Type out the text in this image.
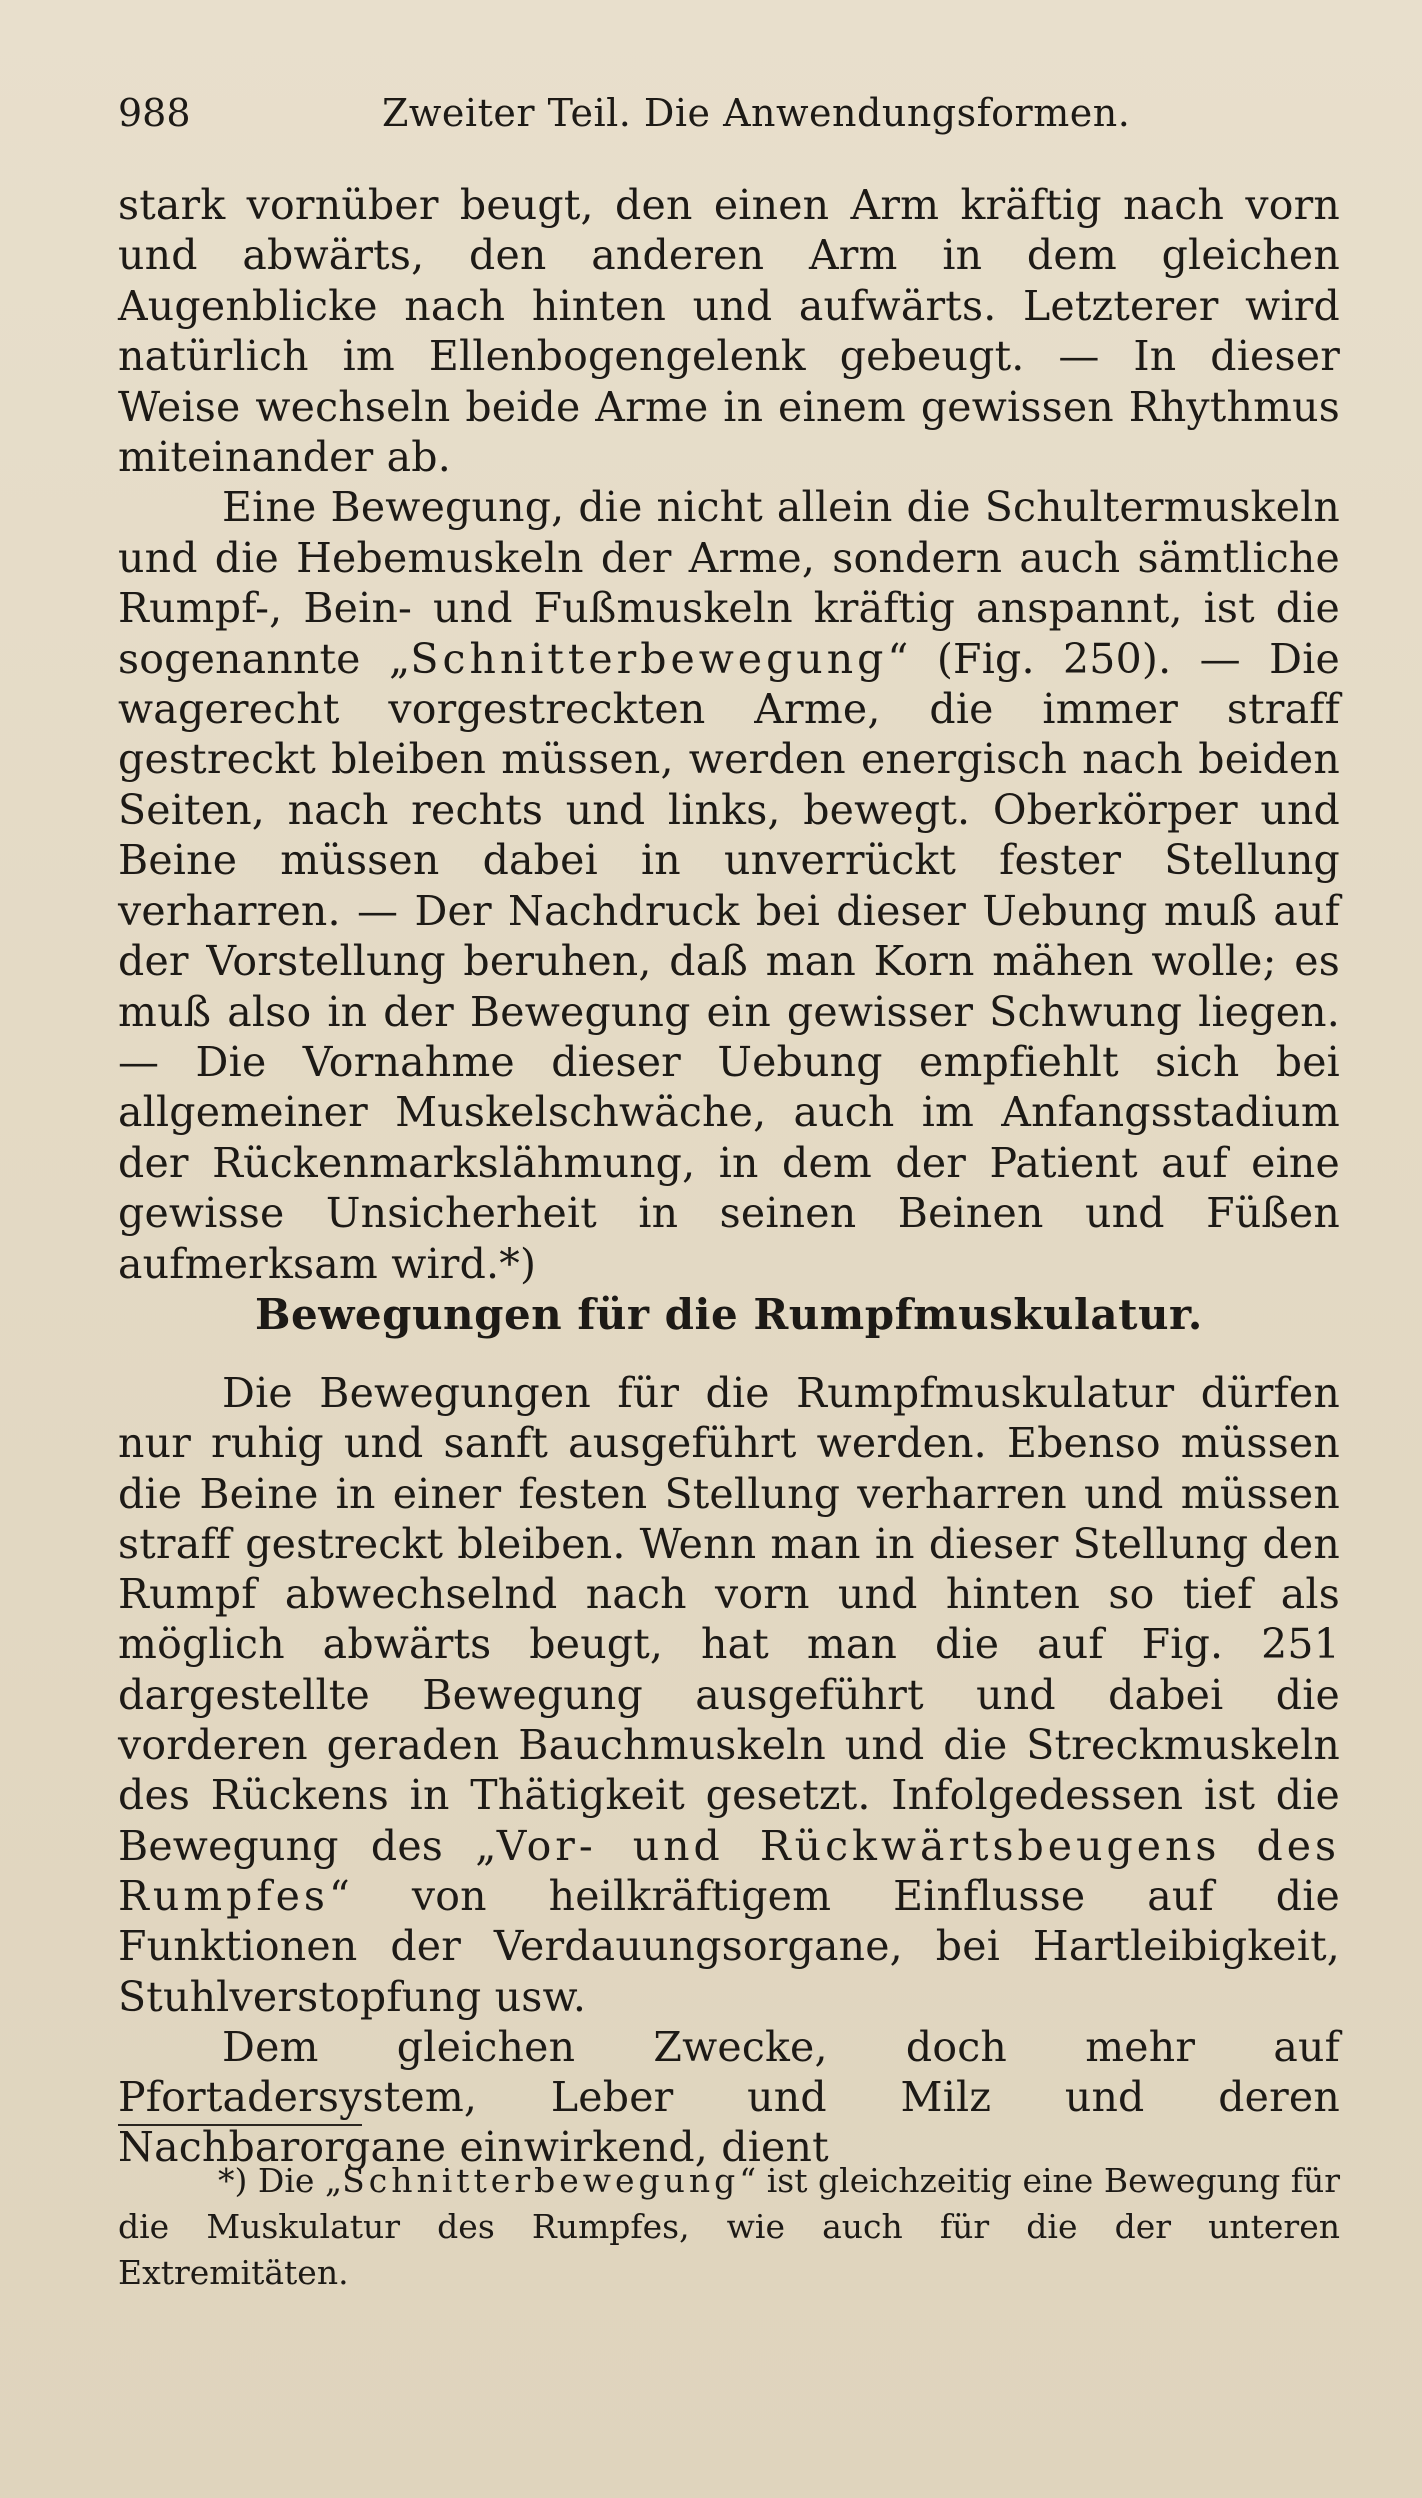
988	Zweiter Teil. Die Anwendungsformen.

stark vornüber beugt, den einen Arm kräftig nach vorn und abwärts, den anderen Arm in dem gleichen Augenblicke nach hinten und aufwärts. Letzterer wird natürlich im Ellenbogengelenk gebeugt. — In dieser Weise wechseln beide Arme in einem gewissen Rhythmus miteinander ab.

Eine Bewegung, die nicht allein die Schultermuskeln und die Hebemuskeln der Arme, sondern auch sämtliche Rumpf-, Bein- und Fußmuskeln kräftig anspannt, ist die sogenannte „Schnitterbewegung“ (Fig. 250). — Die wagerecht vorgestreckten Arme, die immer straff gestreckt bleiben müssen, werden energisch nach beiden Seiten, nach rechts und links, bewegt. Oberkörper und Beine müssen dabei in unverrückt fester Stellung verharren. — Der Nachdruck bei dieser Uebung muß auf der Vorstellung beruhen, daß man Korn mähen wolle; es muß also in der Bewegung ein gewisser Schwung liegen. — Die Vornahme dieser Uebung empfiehlt sich bei allgemeiner Muskelschwäche, auch im Anfangsstadium der Rückenmarkslähmung, in dem der Patient auf eine gewisse Unsicherheit in seinen Beinen und Füßen aufmerksam wird.*)

Bewegungen für die Rumpfmuskulatur.

Die Bewegungen für die Rumpfmuskulatur dürfen nur ruhig und sanft ausgeführt werden. Ebenso müssen die Beine in einer festen Stellung verharren und müssen straff gestreckt bleiben. Wenn man in dieser Stellung den Rumpf abwechselnd nach vorn und hinten so tief als möglich abwärts beugt, hat man die auf Fig. 251 dargestellte Bewegung ausgeführt und dabei die vorderen geraden Bauchmuskeln und die Streckmuskeln des Rückens in Thätigkeit gesetzt. Infolgedessen ist die Bewegung des „Vor- und Rückwärtsbeugens des Rumpfes“ von heilkräftigem Einflusse auf die Funktionen der Verdauungsorgane, bei Hartleibigkeit, Stuhlverstopfung usw.

Dem gleichen Zwecke, doch mehr auf Pfortadersystem, Leber und Milz und deren Nachbarorgane einwirkend, dient

*) Die „Schnitterbewegung“ ist gleichzeitig eine Bewegung für die Muskulatur des Rumpfes, wie auch für die der unteren Extremitäten.
